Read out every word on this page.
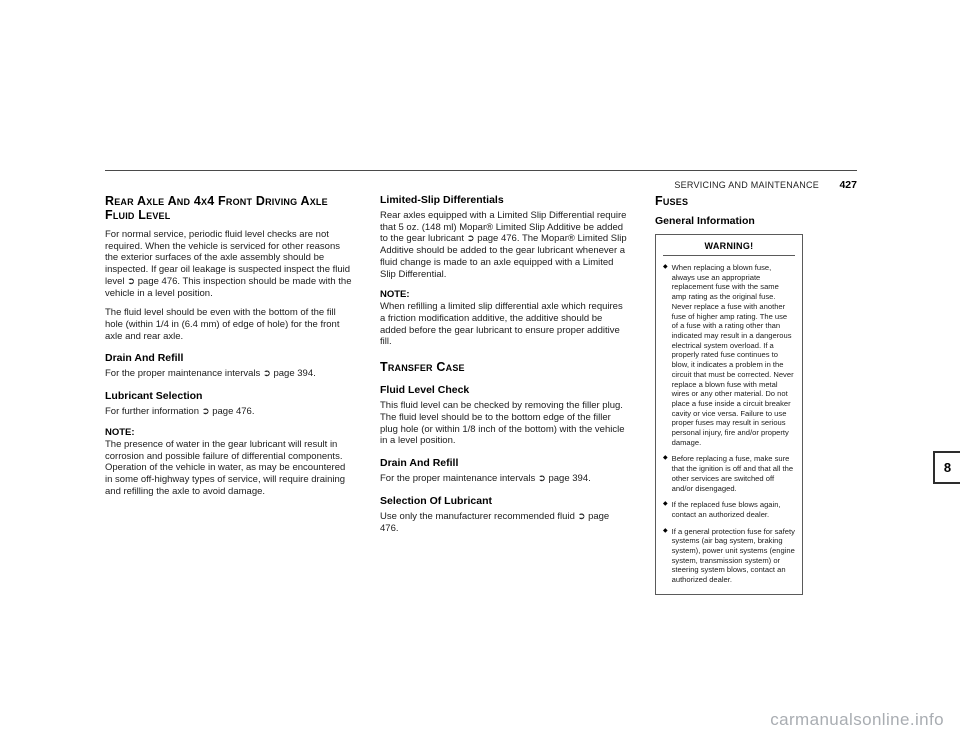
SERVICING AND MAINTENANCE 427
Rear Axle And 4x4 Front Driving Axle Fluid Level

For normal service, periodic fluid level checks are not required. When the vehicle is serviced for other reasons the exterior surfaces of the axle assembly should be inspected. If gear oil leakage is suspected inspect the fluid level ➲ page 476. This inspection should be made with the vehicle in a level position.

The fluid level should be even with the bottom of the fill hole (within 1/4 in (6.4 mm) of edge of hole) for the front axle and rear axle.

Drain And Refill

For the proper maintenance intervals ➲ page 394.

Lubricant Selection

For further information ➲ page 476.

NOTE:

The presence of water in the gear lubricant will result in corrosion and possible failure of differential components. Operation of the vehicle in water, as may be encountered in some off-highway types of service, will require draining and refilling the axle to avoid damage.

Limited-Slip Differentials

Rear axles equipped with a Limited Slip Differential require that 5 oz. (148 ml) Mopar® Limited Slip Additive be added to the gear lubricant ➲ page 476. The Mopar® Limited Slip Additive should be added to the gear lubricant whenever a fluid change is made to an axle equipped with a Limited Slip Differential.

NOTE:

When refilling a limited slip differential axle which requires a friction modification additive, the additive should be added before the gear lubricant to ensure proper additive fill.

Transfer Case
Fluid Level Check

This fluid level can be checked by removing the filler plug. The fluid level should be to the bottom edge of the filler plug hole (or within 1/8 inch of the bottom) with the vehicle in a level position.

Drain And Refill

For the proper maintenance intervals ➲ page 394.

Selection Of Lubricant

Use only the manufacturer recommended fluid ➲ page 476.

Fuses
General Information
WARNING!
◆ When replacing a blown fuse, always use an appropriate replacement fuse with the same amp rating as the original fuse. Never replace a fuse with another fuse of higher amp rating. The use of a fuse with a rating other than indicated may result in a dangerous electrical system overload. If a properly rated fuse continues to blow, it indicates a problem in the circuit that must be corrected. Never replace a blown fuse with metal wires or any other material. Do not place a fuse inside a circuit breaker cavity or vice versa. Failure to use proper fuses may result in serious personal injury, fire and/or property damage.
◆ Before replacing a fuse, make sure that the ignition is off and that all the other services are switched off and/or disengaged.
◆ If the replaced fuse blows again, contact an authorized dealer.
◆ If a general protection fuse for safety systems (air bag system, braking system), power unit systems (engine system, transmission system) or steering system blows, contact an authorized dealer.
8
carmanualsonline.info
